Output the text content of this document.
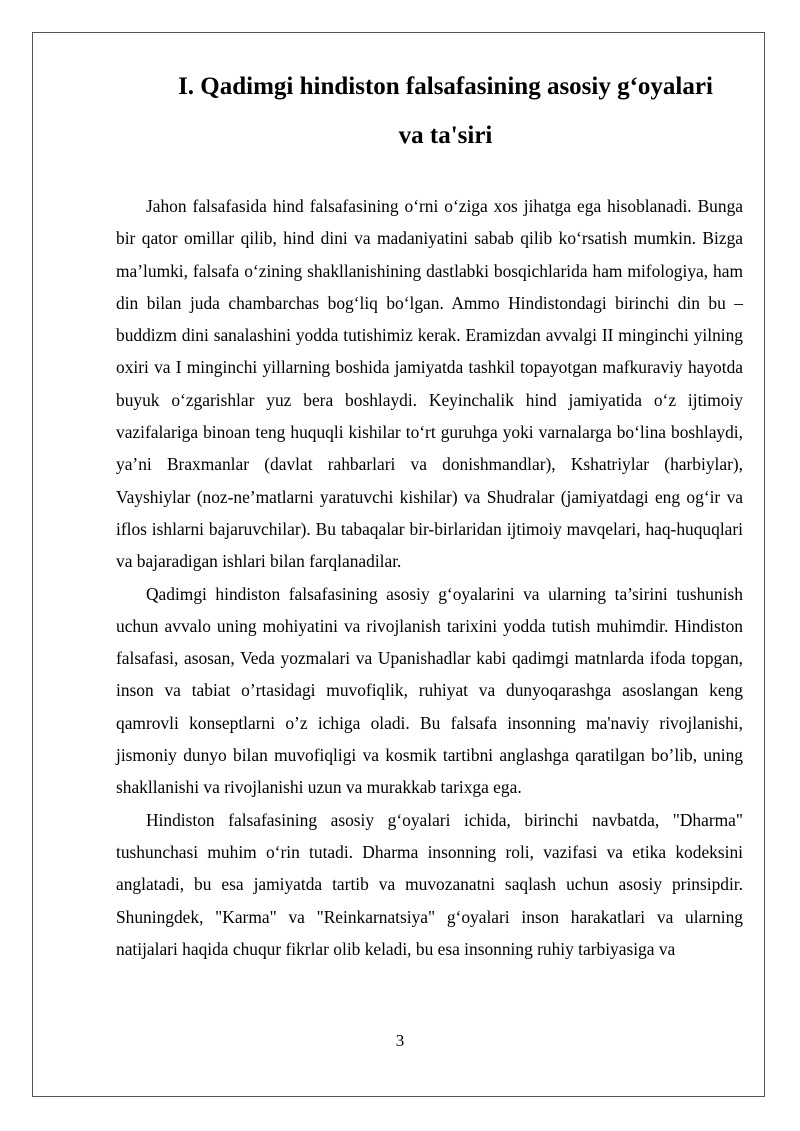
I. Qadimgi hindiston falsafasining asosiy g‘oyalari
va ta'siri

Jahon falsafasida hind falsafasining o‘rni o‘ziga xos jihatga ega hisoblanadi. Bunga bir qator omillar qilib, hind dini va madaniyatini sabab qilib ko‘rsatish mumkin. Bizga ma’lumki, falsafa o‘zining shakllanishining dastlabki bosqichlarida ham mifologiya, ham din bilan juda chambarchas bog‘liq bo‘lgan. Ammo Hindistondagi birinchi din bu – buddizm dini sanalashini yodda tutishimiz kerak. Eramizdan avvalgi II minginchi yilning oxiri va I minginchi yillarning boshida jamiyatda tashkil topayotgan mafkuraviy hayotda buyuk o‘zgarishlar yuz bera boshlaydi. Keyinchalik hind jamiyatida o‘z ijtimoiy vazifalariga binoan teng huquqli kishilar to‘rt guruhga yoki varnalarga bo‘lina boshlaydi, ya’ni Braxmanlar (davlat rahbarlari va donishmandlar), Kshatriylar (harbiylar), Vayshiylar (noz-ne’matlarni yaratuvchi kishilar) va Shudralar (jamiyatdagi eng og‘ir va iflos ishlarni bajaruvchilar). Bu tabaqalar bir-birlaridan ijtimoiy mavqelari, haq-huquqlari va bajaradigan ishlari bilan farqlanadilar.

Qadimgi hindiston falsafasining asosiy g‘oyalarini va ularning ta’sirini tushunish uchun avvalo uning mohiyatini va rivojlanish tarixini yodda tutish muhimdir. Hindiston falsafasi, asosan, Veda yozmalari va Upanishadlar kabi qadimgi matnlarda ifoda topgan, inson va tabiat o’rtasidagi muvofiqlik, ruhiyat va dunyoqarashga asoslangan keng qamrovli konseptlarni o’z ichiga oladi. Bu falsafa insonning ma'naviy rivojlanishi, jismoniy dunyo bilan muvofiqligi va kosmik tartibni anglashga qaratilgan bo’lib, uning shakllanishi va rivojlanishi uzun va murakkab tarixga ega.

Hindiston falsafasining asosiy g‘oyalari ichida, birinchi navbatda, "Dharma" tushunchasi muhim o‘rin tutadi. Dharma insonning roli, vazifasi va etika kodeksini anglatadi, bu esa jamiyatda tartib va muvozanatni saqlash uchun asosiy prinsipdir. Shuningdek, "Karma" va "Reinkarnatsiya" g‘oyalari inson harakatlari va ularning natijalari haqida chuqur fikrlar olib keladi, bu esa insonning ruhiy tarbiyasiga va

3
